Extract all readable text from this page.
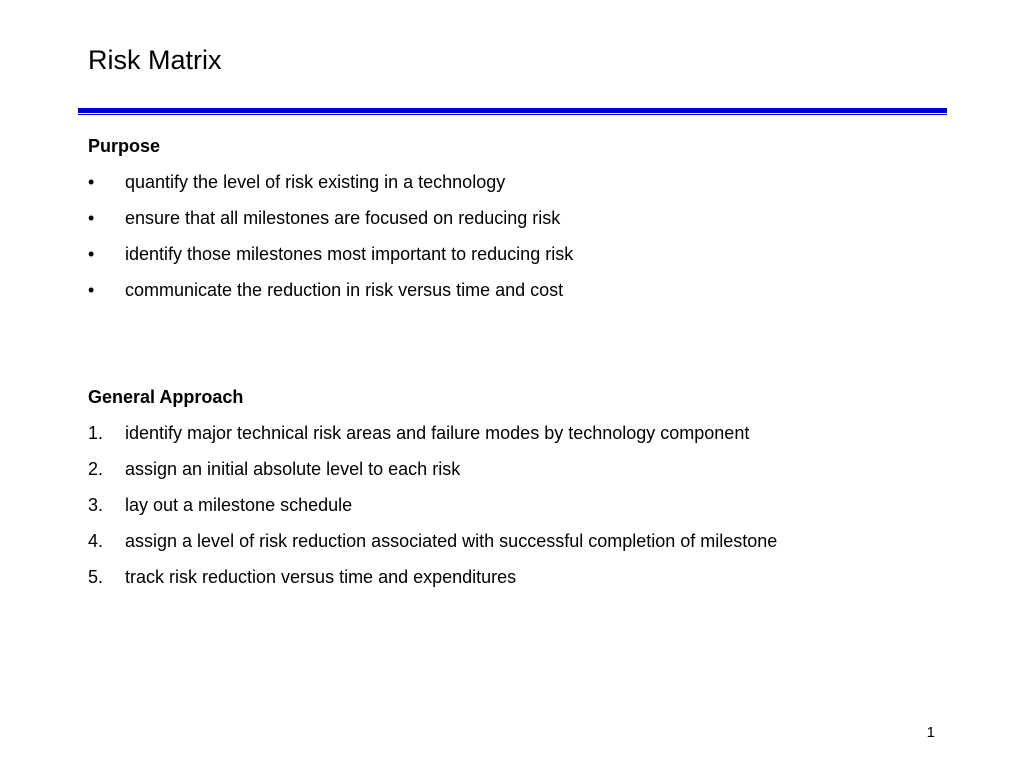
Risk Matrix
Purpose
• quantify the level of risk existing in a technology
• ensure that all milestones are focused on reducing risk
• identify those milestones most important to reducing risk
• communicate the reduction in risk versus time and cost
General Approach
1. identify major technical risk areas and failure modes by technology component
2. assign an initial absolute level to each risk
3. lay out a milestone schedule
4. assign a level of risk reduction associated with successful completion of milestone
5. track risk reduction versus time and expenditures
1
